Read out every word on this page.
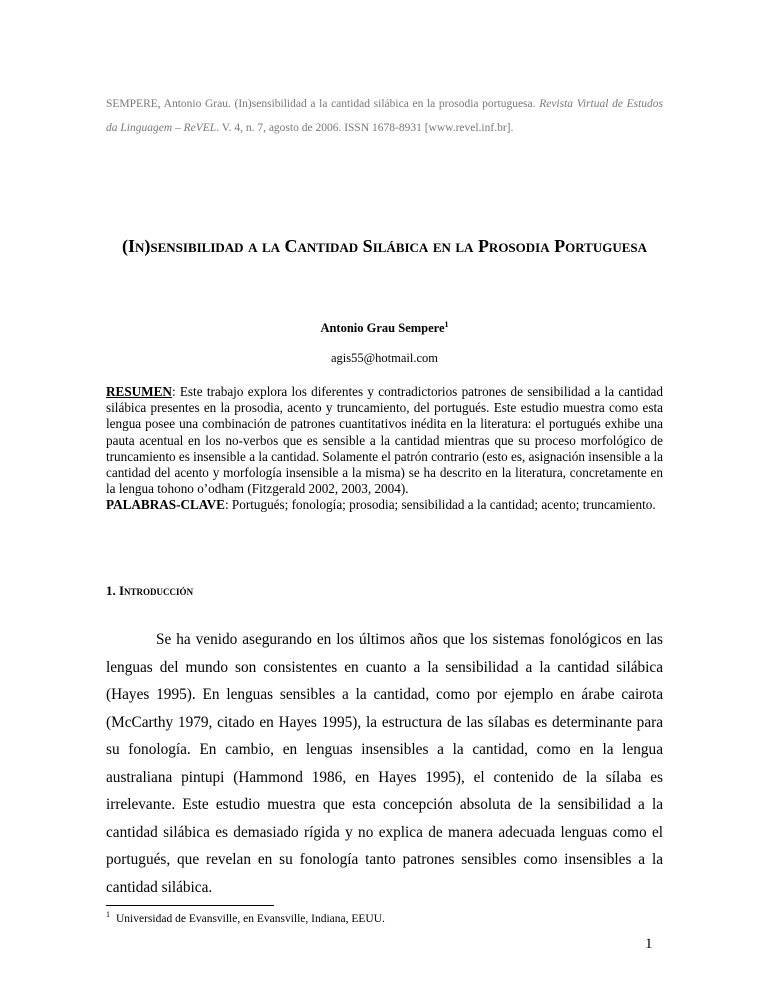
SEMPERE, Antonio Grau. (In)sensibilidad a la cantidad silábica en la prosodia portuguesa. Revista Virtual de Estudos da Linguagem – ReVEL. V. 4, n. 7, agosto de 2006. ISSN 1678-8931 [www.revel.inf.br].
(In)sensibilidad a la Cantidad Silábica en la Prosodia Portuguesa
Antonio Grau Sempere$^1$
agis55@hotmail.com
RESUMEN: Este trabajo explora los diferentes y contradictorios patrones de sensibilidad a la cantidad silábica presentes en la prosodia, acento y truncamiento, del portugués. Este estudio muestra como esta lengua posee una combinación de patrones cuantitativos inédita en la literatura: el portugués exhibe una pauta acentual en los no-verbos que es sensible a la cantidad mientras que su proceso morfológico de truncamiento es insensible a la cantidad. Solamente el patrón contrario (esto es, asignación insensible a la cantidad del acento y morfología insensible a la misma) se ha descrito en la literatura, concretamente en la lengua tohono o’odham (Fitzgerald 2002, 2003, 2004).
PALABRAS-CLAVE: Portugués; fonología; prosodia; sensibilidad a la cantidad; acento; truncamiento.
1. Introducción
Se ha venido asegurando en los últimos años que los sistemas fonológicos en las lenguas del mundo son consistentes en cuanto a la sensibilidad a la cantidad silábica (Hayes 1995). En lenguas sensibles a la cantidad, como por ejemplo en árabe cairota (McCarthy 1979, citado en Hayes 1995), la estructura de las sílabas es determinante para su fonología. En cambio, en lenguas insensibles a la cantidad, como en la lengua australiana pintupi (Hammond 1986, en Hayes 1995), el contenido de la sílaba es irrelevante. Este estudio muestra que esta concepción absoluta de la sensibilidad a la cantidad silábica es demasiado rígida y no explica de manera adecuada lenguas como el portugués, que revelan en su fonología tanto patrones sensibles como insensibles a la cantidad silábica.
$^1$ Universidad de Evansville, en Evansville, Indiana, EEUU.
1
